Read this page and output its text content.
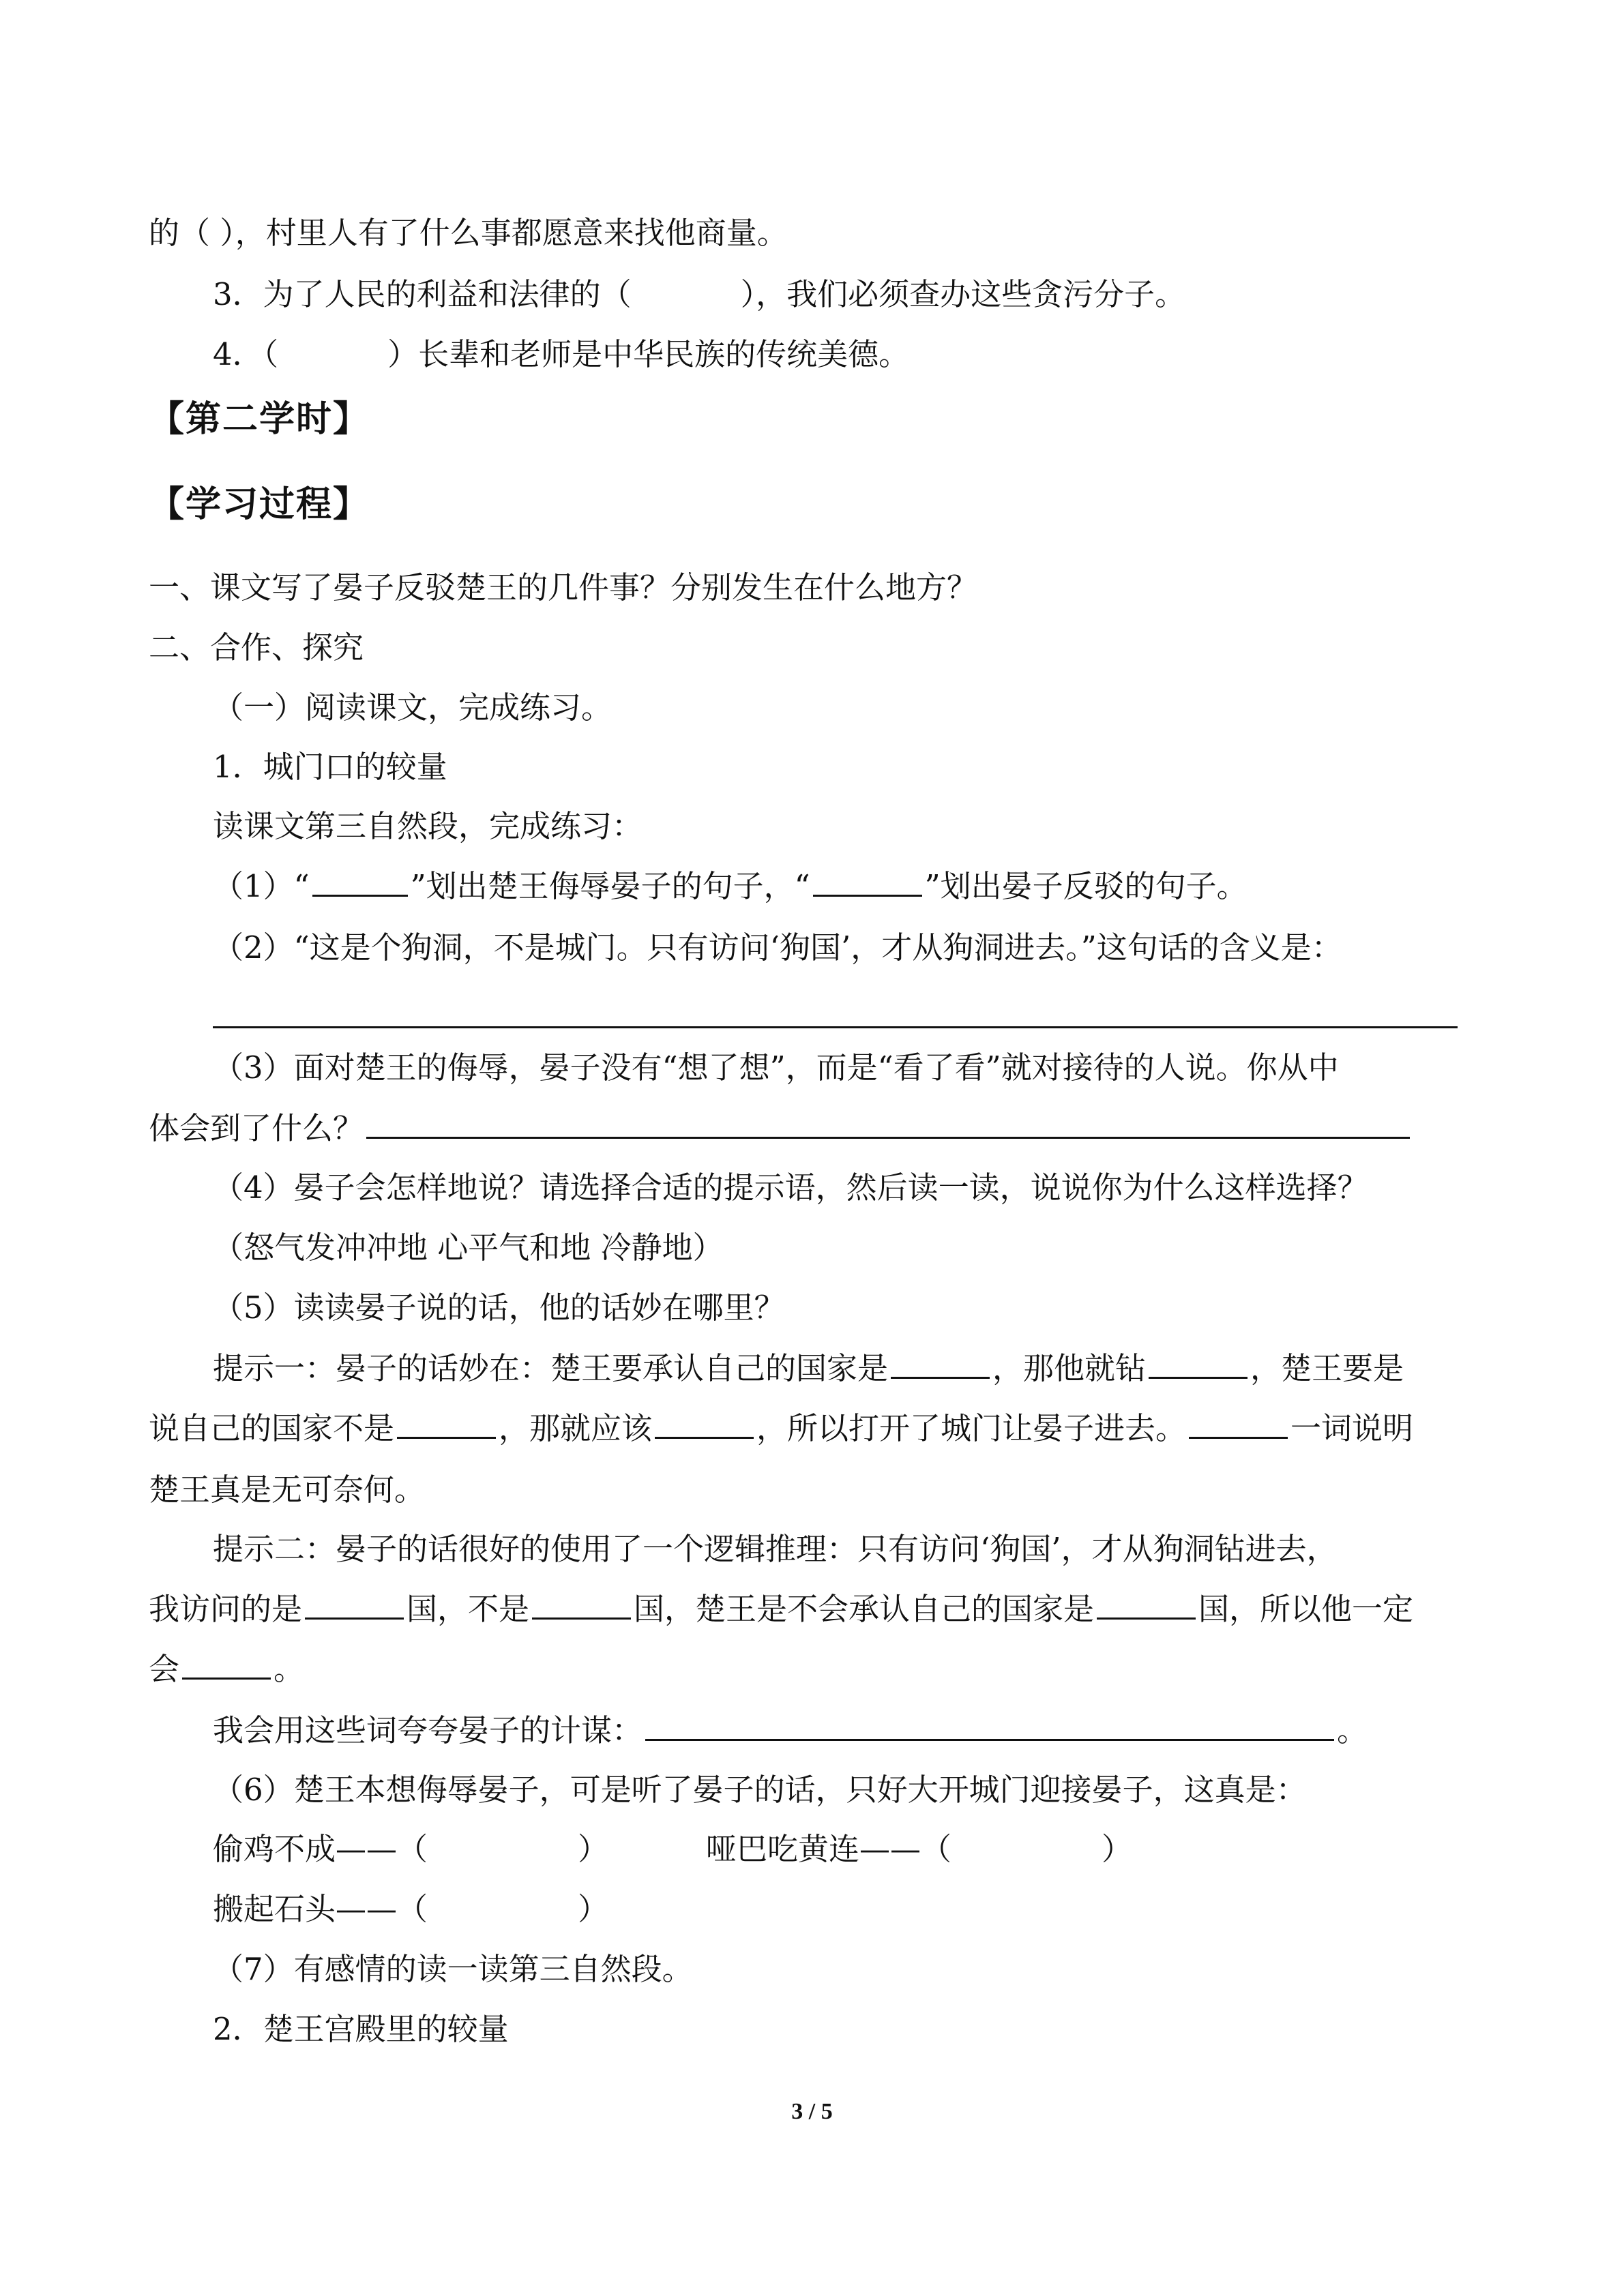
的（ ），村里人有了什么事都愿意来找他商量。
3．为了人民的利益和法律的（	），我们必须查办这些贪污分子。
4．（	）长辈和老师是中华民族的传统美德。
【第二学时】
【学习过程】
一、课文写了晏子反驳楚王的几件事？分别发生在什么地方？
二、合作、探究
（一）阅读课文，完成练习。
1．城门口的较量
读课文第三自然段，完成练习：
（1）“	”划出楚王侮辱晏子的句子，“	”划出晏子反驳的句子。
（2）“这是个狗洞，不是城门。只有访问‘狗国’，才从狗洞进去。”这句话的含义是：
（3）面对楚王的侮辱，晏子没有“想了想”，而是“看了看”就对接待的人说。你从中
体会到了什么？
（4）晏子会怎样地说？请选择合适的提示语，然后读一读，说说你为什么这样选择？
（怒气发冲冲地 心平气和地 冷静地）
（5）读读晏子说的话，他的话妙在哪里？
提示一：晏子的话妙在：楚王要承认自己的国家是	，那他就钻	，楚王要是
说自己的国家不是	，那就应该	，所以打开了城门让晏子进去。	一词说明
楚王真是无可奈何。
提示二：晏子的话很好的使用了一个逻辑推理：只有访问‘狗国’，才从狗洞钻进去，
我访问的是	国，不是	国，楚王是不会承认自己的国家是	国，所以他一定
会	。
我会用这些词夸夸晏子的计谋：	。
（6）楚王本想侮辱晏子，可是听了晏子的话，只好大开城门迎接晏子，这真是：
偷鸡不成——（	）	哑巴吃黄连——（	）
搬起石头——（	）
（7）有感情的读一读第三自然段。
2．楚王宫殿里的较量
3 / 5
